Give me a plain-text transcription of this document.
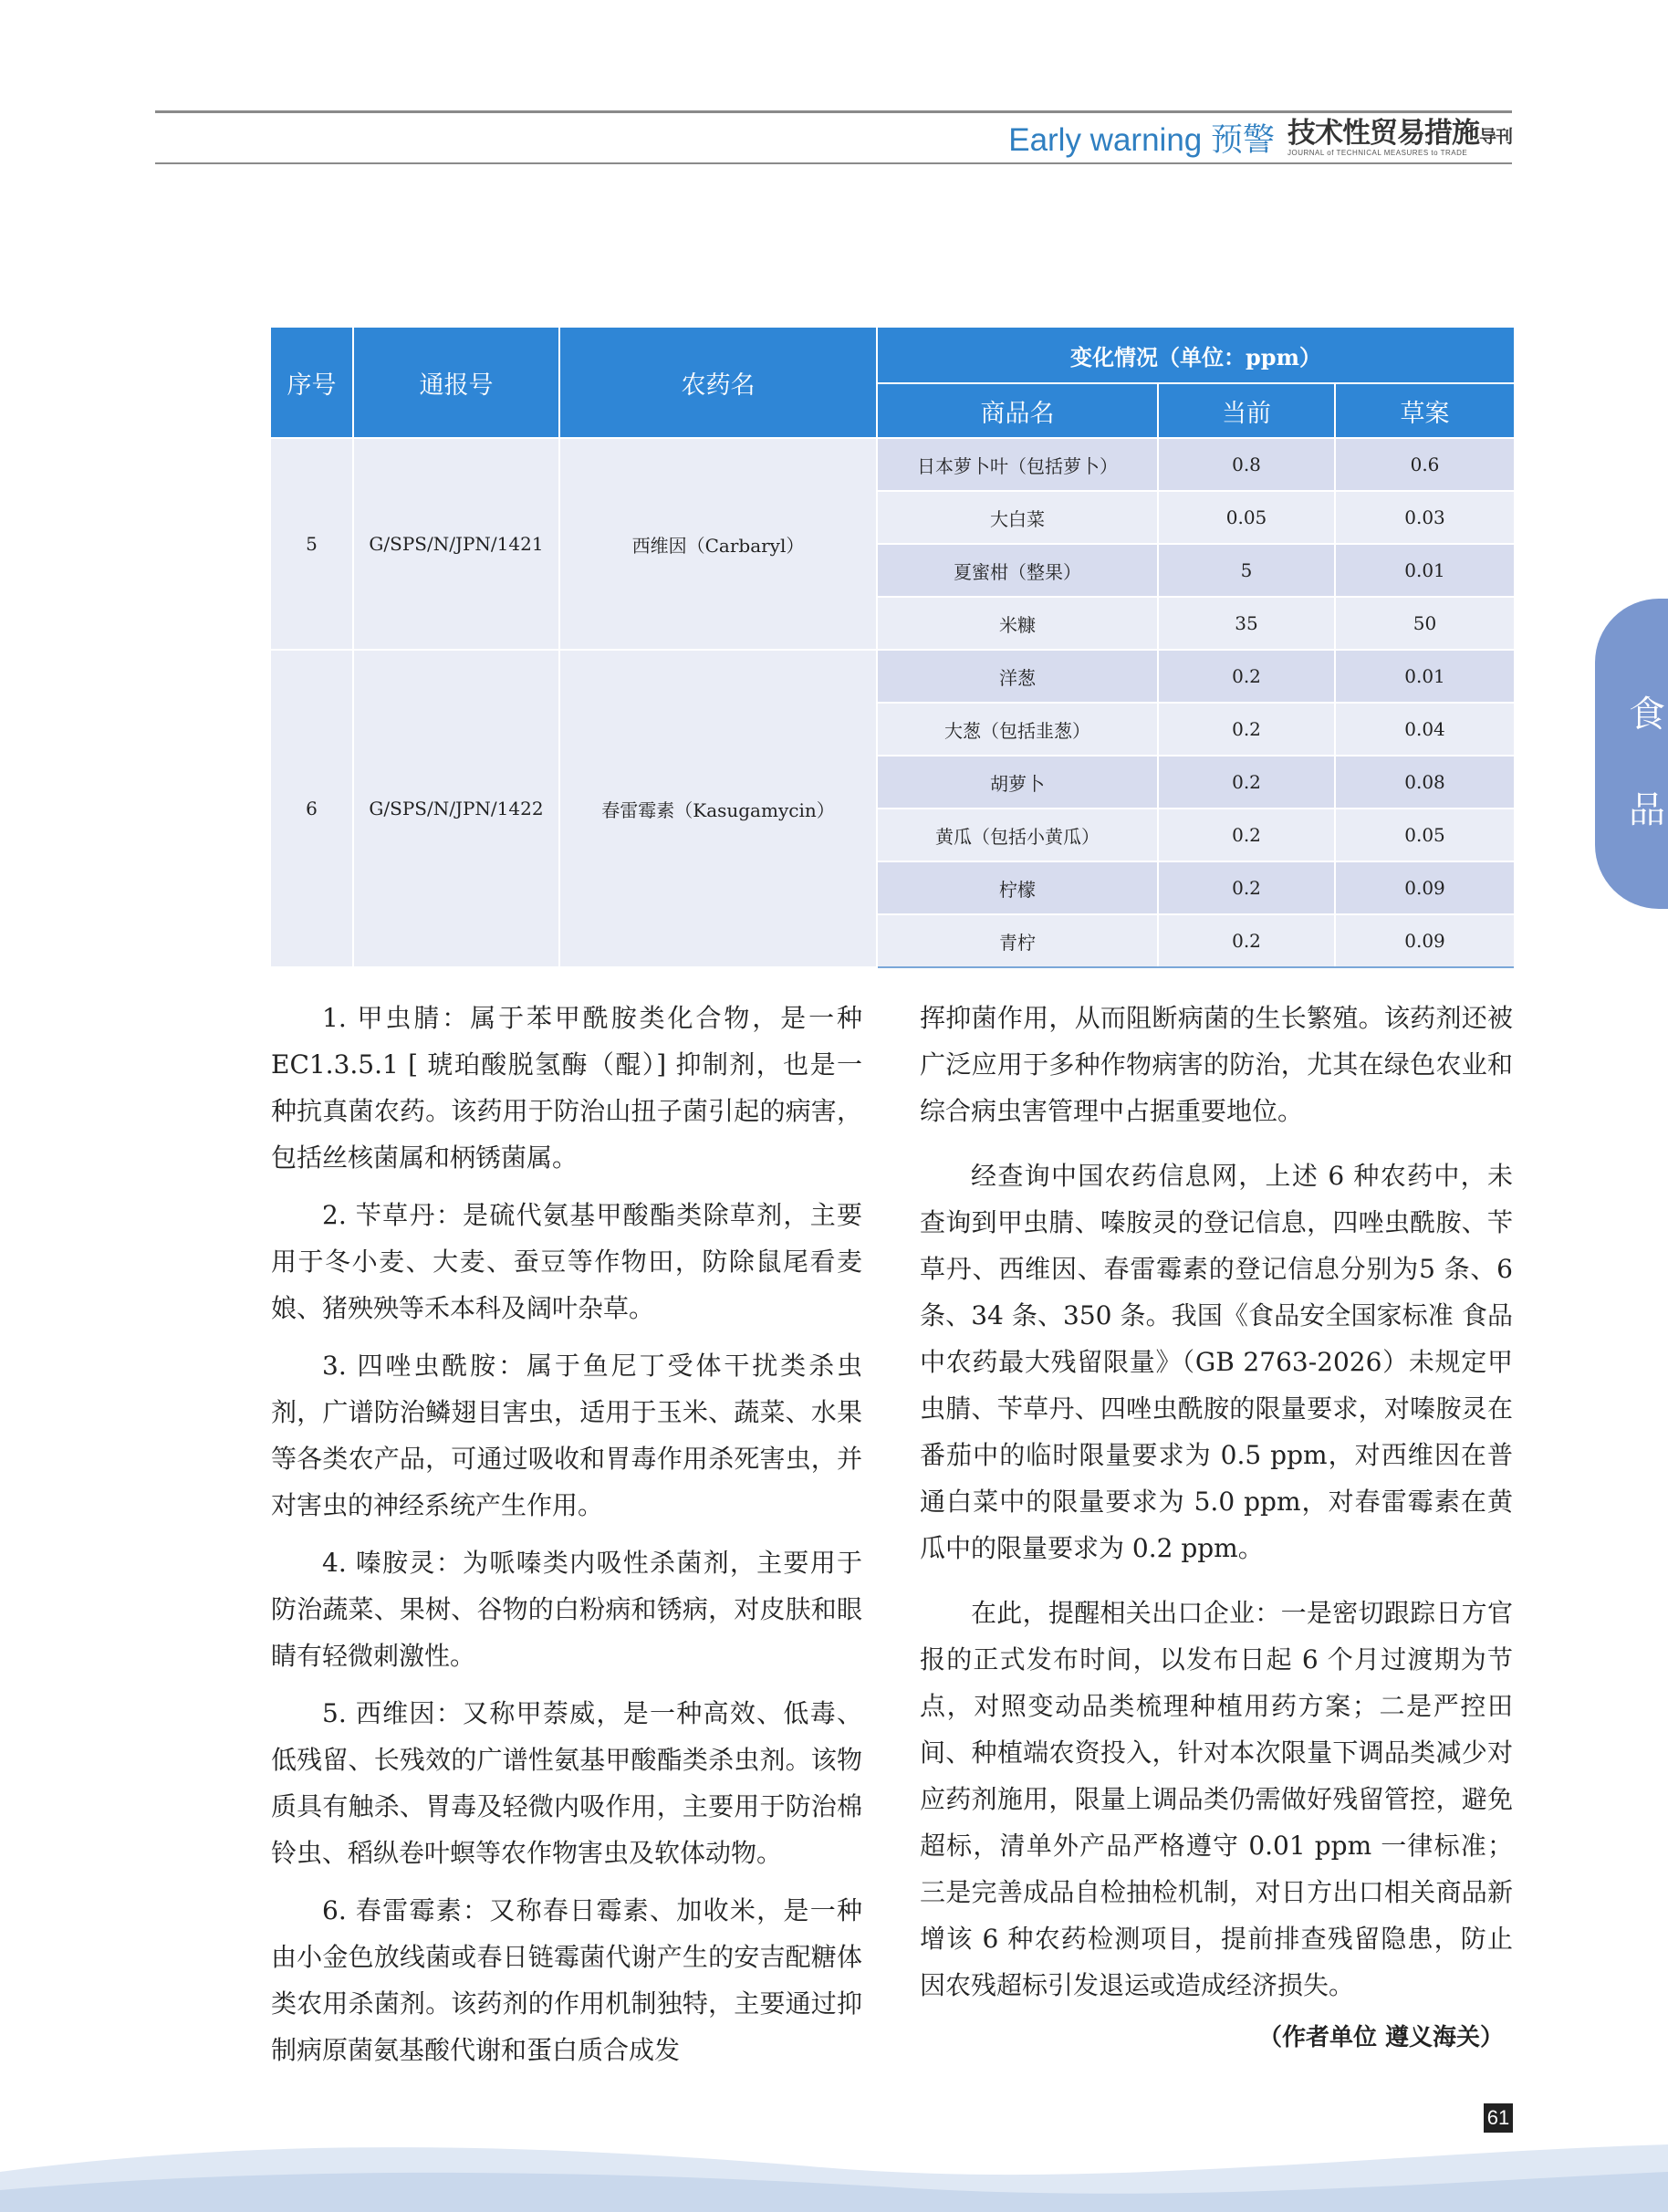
Early warning 预警 技术性贸易措施导刊
JOURNAL of TECHNICAL MEASURES to TRADE
食
品
序号	通报号	农药名	变化情况（单位：ppm）		
			商品名	当前	草案
5	G/SPS/N/JPN/1421	西维因（Carbaryl）	日本萝卜叶（包括萝卜）	0.8	0.6
			大白菜	0.05	0.03
			夏蜜柑（整果）	5	0.01
			米糠	35	50
6	G/SPS/N/JPN/1422	春雷霉素（Kasugamycin）	洋葱	0.2	0.01
			大葱（包括韭葱）	0.2	0.04
			胡萝卜	0.2	0.08
			黄瓜（包括小黄瓜）	0.2	0.05
			柠檬	0.2	0.09
			青柠	0.2	0.09

1. 甲虫腈：属于苯甲酰胺类化合物，是一种EC1.3.5.1 [ 琥珀酸脱氢酶（醌）] 抑制剂，也是一种抗真菌农药。该药用于防治山扭子菌引起的病害，包括丝核菌属和柄锈菌属。

2. 苄草丹：是硫代氨基甲酸酯类除草剂，主要用于冬小麦、大麦、蚕豆等作物田，防除鼠尾看麦娘、猪殃殃等禾本科及阔叶杂草。

3. 四唑虫酰胺：属于鱼尼丁受体干扰类杀虫剂，广谱防治鳞翅目害虫，适用于玉米、蔬菜、水果等各类农产品，可通过吸收和胃毒作用杀死害虫，并对害虫的神经系统产生作用。

4. 嗪胺灵：为哌嗪类内吸性杀菌剂，主要用于防治蔬菜、果树、谷物的白粉病和锈病，对皮肤和眼睛有轻微刺激性。

5. 西维因：又称甲萘威，是一种高效、低毒、低残留、长残效的广谱性氨基甲酸酯类杀虫剂。该物质具有触杀、胃毒及轻微内吸作用，主要用于防治棉铃虫、稻纵卷叶螟等农作物害虫及软体动物。

6. 春雷霉素：又称春日霉素、加收米，是一种由小金色放线菌或春日链霉菌代谢产生的安吉配糖体类农用杀菌剂。该药剂的作用机制独特，主要通过抑制病原菌氨基酸代谢和蛋白质合成发

挥抑菌作用，从而阻断病菌的生长繁殖。该药剂还被广泛应用于多种作物病害的防治，尤其在绿色农业和综合病虫害管理中占据重要地位。

经查询中国农药信息网，上述 6 种农药中，未查询到甲虫腈、嗪胺灵的登记信息，四唑虫酰胺、苄草丹、西维因、春雷霉素的登记信息分别为5 条、6 条、34 条、350 条。我国《食品安全国家标准 食品中农药最大残留限量》（GB 2763-2026）未规定甲虫腈、苄草丹、四唑虫酰胺的限量要求，对嗪胺灵在番茄中的临时限量要求为 0.5 ppm，对西维因在普通白菜中的限量要求为 5.0 ppm，对春雷霉素在黄瓜中的限量要求为 0.2 ppm。

在此，提醒相关出口企业：一是密切跟踪日方官报的正式发布时间，以发布日起 6 个月过渡期为节点，对照变动品类梳理种植用药方案；二是严控田间、种植端农资投入，针对本次限量下调品类减少对应药剂施用，限量上调品类仍需做好残留管控，避免超标，清单外产品严格遵守 0.01 ppm 一律标准；三是完善成品自检抽检机制，对日方出口相关商品新增该 6 种农药检测项目，提前排查残留隐患，防止因农残超标引发退运或造成经济损失。

（作者单位 遵义海关）
61
